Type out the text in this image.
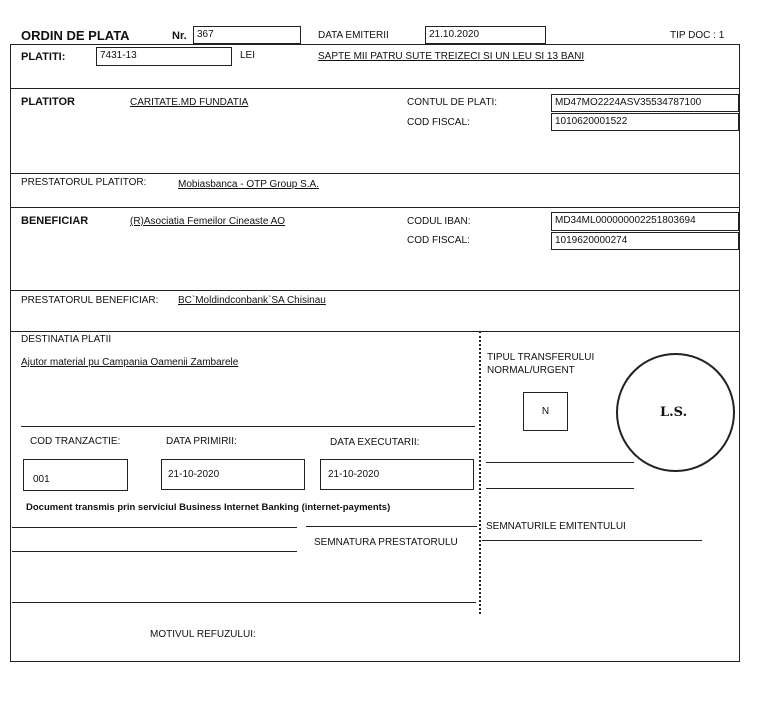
ORDIN DE PLATA	Nr.	367	DATA EMITERII	21.10.2020	TIP DOC : 1
PLATITI:	7431-13	LEI	SAPTE MII PATRU SUTE TREIZECI SI UN LEU SI 13 BANI
PLATITOR	CARITATE.MD FUNDATIA	CONTUL DE PLATI:	MD47MO2224ASV35534787100
COD FISCAL:	1010620001522
PRESTATORUL PLATITOR:	Mobiasbanca - OTP Group S.A.
BENEFICIAR	(R)Asociatia Femeilor Cineaste AO	CODUL IBAN:	MD34ML000000002251803694
COD FISCAL:	1019620000274
PRESTATORUL BENEFICIAR: BC`Moldindconbank`SA Chisinau
DESTINATIA PLATII
Ajutor material pu Campania Oamenii Zambarele	TIPUL TRANSFERULUI
NORMAL/URGENT
N	L.S.
COD TRANZACTIE:	DATA PRIMIRII:	DATA EXECUTARII:
001	21-10-2020	21-10-2020
Document transmis prin serviciul Business Internet Banking (internet-payments)
SEMNATURA PRESTATORULU
SEMNATURILE EMITENTULUI
MOTIVUL REFUZULUI:
